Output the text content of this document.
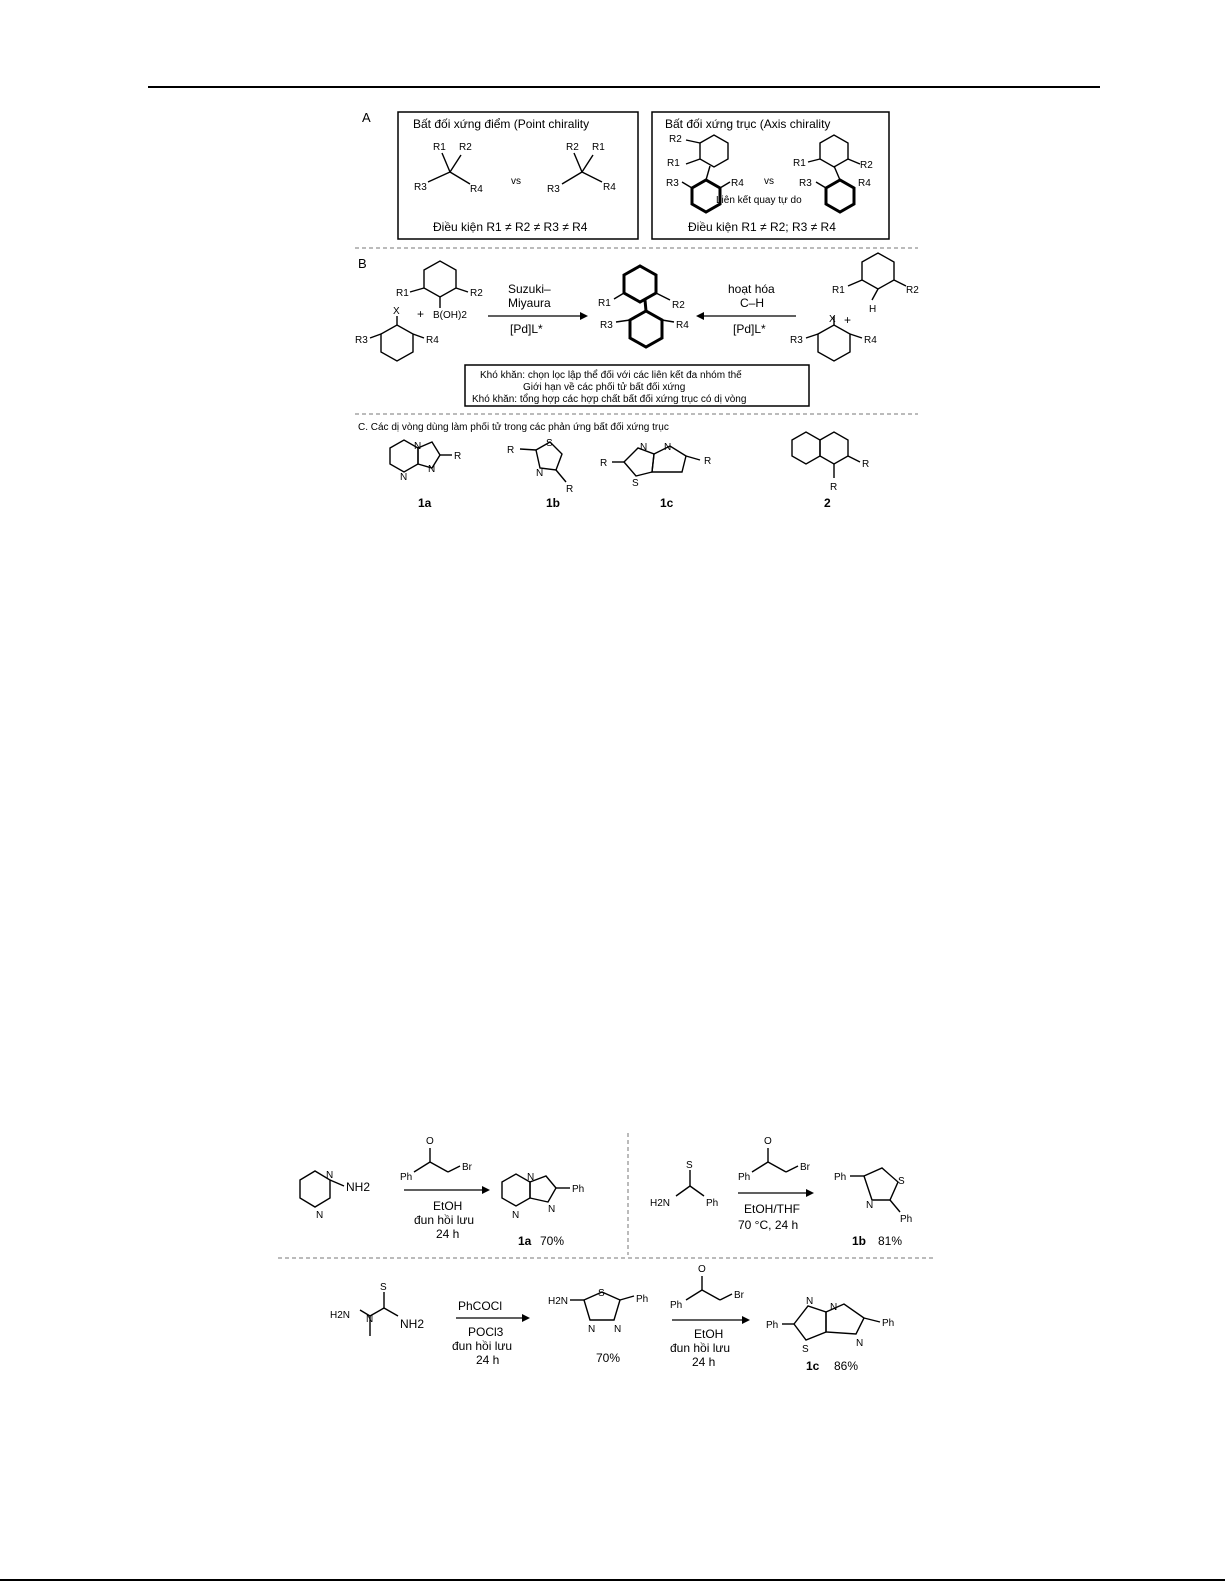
A	Bất đối xứng điểm (Point chirality
R1 R2
R3	R4
vs
R2 R1
R3	R4
Điều kiện R1 ≠ R2 ≠ R3 ≠ R4
Bất đối xứng trục (Axis chirality
R1
R2
R3	R4 vs
Liên kết quay tự do
R1	R2
R3	R4
Điều kiện R1 ≠ R2; R3 ≠ R4
B
+
R1	R2
B(OH)2
X
R3	R4
Suzuki–
Miyaura
[Pd]L*
R1	R2
R3	R4
hoạt hóa
C–H
[Pd]L*
R1	R2
H
+
X
R3	R4
Khó khăn: chọn lọc lập thể đối với các liên kết đa nhóm thế
Giới hạn về các phối tử bất đối xứng
Khó khăn: tổng hợp các hợp chất bất đối xứng trục có dị vòng
C. Các dị vòng dùng làm phối tử trong các phản ứng bất đối xứng trục
N
N
N
R
1a
S
N
R
R
1b
N
S
N
R	R
1c
R
R
2
N
N
NH2
O
Ph
Br
EtOH
đun hồi lưu
24 h
N
N
N
Ph
1a 70%
S
H2N	Ph
O
Ph
Br
EtOH/THF
70 °C, 24 h
S
N
Ph
Ph
1b 81%
H2N N
S
NH2
PhCOCl
POCl3
đun hồi lưu
24 h
H2N
S
N N
Ph
70%
O
Ph
Br
EtOH
đun hồi lưu
24 h
N
N
S
N
Ph	Ph
1c 86%
